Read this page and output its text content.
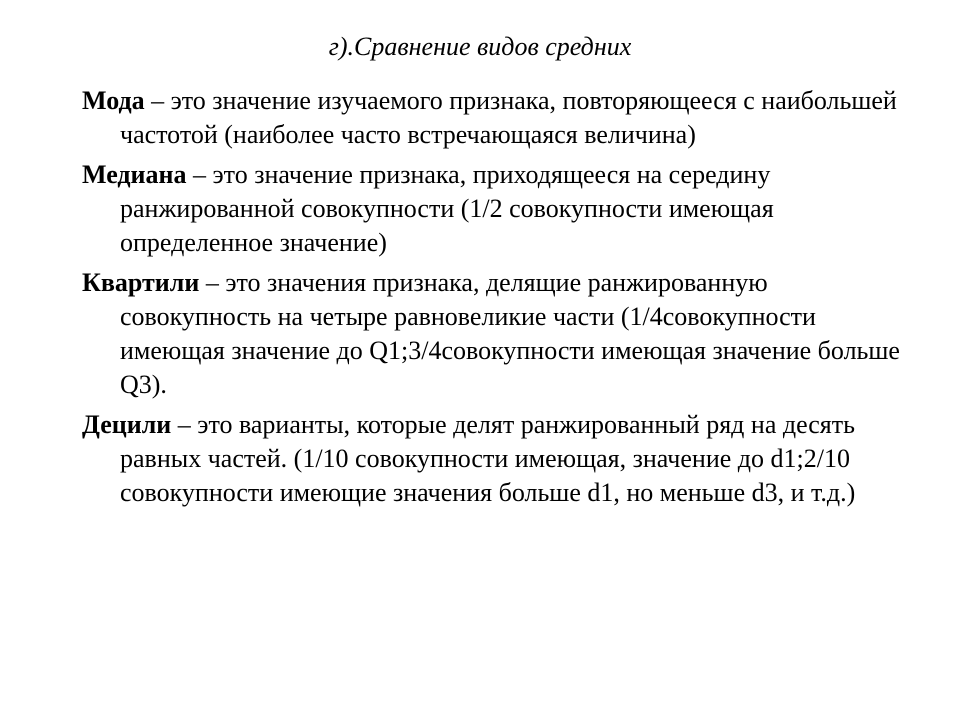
г).Сравнение видов средних
Мода – это значение изучаемого признака, повторяющееся с наибольшей частотой (наиболее часто встречающаяся величина)
Медиана – это значение признака, приходящееся на середину ранжированной совокупности (1/2 совокупности имеющая определенное значение)
Квартили – это значения признака, делящие ранжированную совокупность на четыре равновеликие части (1/4совокупности имеющая значение до Q1;3/4совокупности имеющая значение больше Q3).
Децили – это варианты, которые делят ранжированный ряд на десять равных частей. (1/10 совокупности имеющая, значение до d1;2/10 совокупности имеющие значения больше d1, но меньше d3, и т.д.)
